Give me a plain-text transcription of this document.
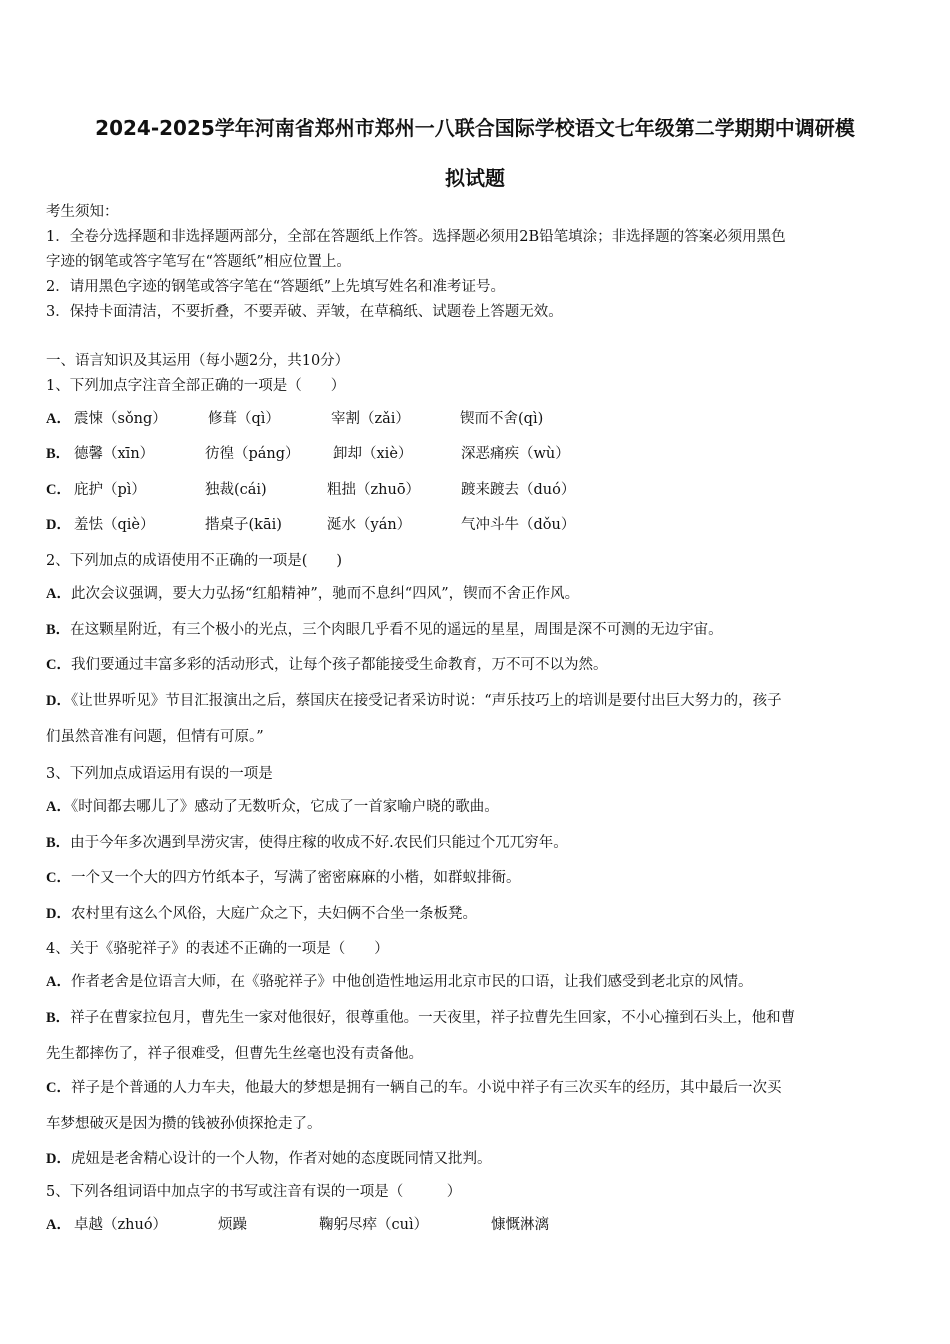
2024-2025学年河南省郑州市郑州一八联合国际学校语文七年级第二学期期中调研模
拟试题
考生须知：
1．全卷分选择题和非选择题两部分，全部在答题纸上作答。选择题必须用2B铅笔填涂；非选择题的答案必须用黑色
字迹的钢笔或答字笔写在“答题纸”相应位置上。
2．请用黑色字迹的钢笔或答字笔在“答题纸”上先填写姓名和准考证号。
3．保持卡面清洁，不要折叠，不要弄破、弄皱，在草稿纸、试题卷上答题无效。
一、语言知识及其运用（每小题2分，共10分）
1、下列加点字注音全部正确的一项是（　　）
A． 震悚（sǒng）	修葺（qì）	宰割（zǎi）	锲而不舍(qì)
B． 德馨（xīn）	彷徨（páng） 卸却（xiè）	深恶痛疾（wù）
C． 庇护（pì）	独裁(cái)	粗拙（zhuō）	踱来踱去（duó）
D． 羞怯（qiè）	揩桌子(kāi)	涎水（yán）	气冲斗牛（dǒu）
2、下列加点的成语使用不正确的一项是(　　)
A．此次会议强调，要大力弘扬“红船精神”，驰而不息纠“四风”，锲而不舍正作风。
B．在这颗星附近，有三个极小的光点，三个肉眼几乎看不见的遥远的星星，周围是深不可测的无边宇宙。
C．我们要通过丰富多彩的活动形式，让每个孩子都能接受生命教育，万不可不以为然。
D．《让世界听见》节目汇报演出之后，蔡国庆在接受记者采访时说：“声乐技巧上的培训是要付出巨大努力的，孩子
们虽然音准有问题，但情有可原。”
3、下列加点成语运用有误的一项是
A．《时间都去哪儿了》感动了无数听众，它成了一首家喻户晓的歌曲。
B．由于今年多次遇到旱涝灾害，使得庄稼的收成不好.农民们只能过个兀兀穷年。
C．一个又一个大的四方竹纸本子，写满了密密麻麻的小楷，如群蚁排衙。
D．农村里有这么个风俗，大庭广众之下，夫妇俩不合坐一条板凳。
4、关于《骆驼祥子》的表述不正确的一项是（　　）
A．作者老舍是位语言大师，在《骆驼祥子》中他创造性地运用北京市民的口语，让我们感受到老北京的风情。
B．祥子在曹家拉包月，曹先生一家对他很好，很尊重他。一天夜里，祥子拉曹先生回家，不小心撞到石头上，他和曹
先生都摔伤了，祥子很难受，但曹先生丝毫也没有责备他。
C．祥子是个普通的人力车夫，他最大的梦想是拥有一辆自己的车。小说中祥子有三次买车的经历，其中最后一次买
车梦想破灭是因为攒的钱被孙侦探抢走了。
D．虎妞是老舍精心设计的一个人物，作者对她的态度既同情又批判。
5、下列各组词语中加点字的书写或注音有误的一项是（　　　）
A． 卓越（zhuó）	烦躁	鞠躬尽瘁（cuì）	慷慨淋漓
